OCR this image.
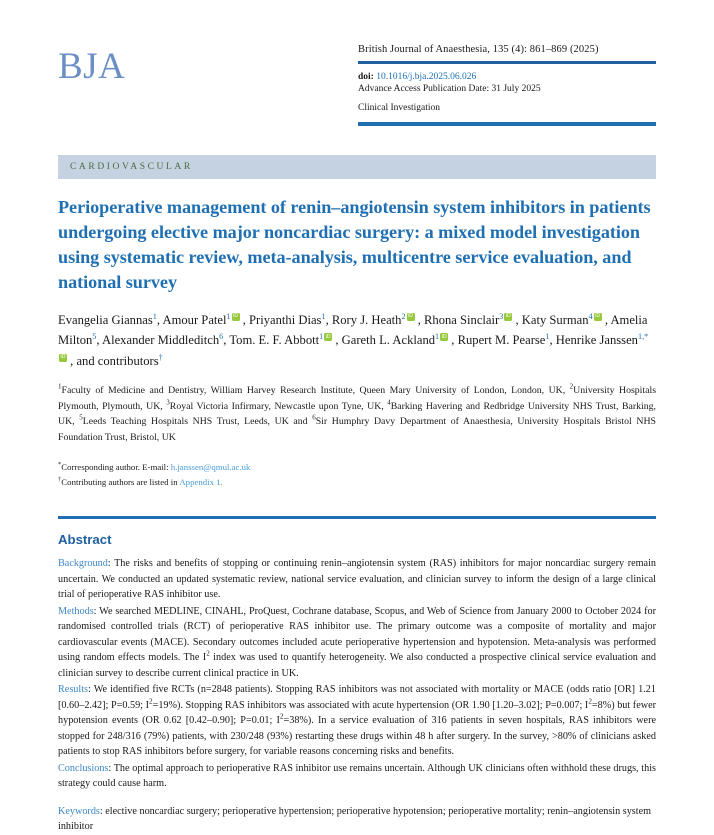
BJA	British Journal of Anaesthesia, 135 (4): 861–869 (2025)
doi: 10.1016/j.bja.2025.06.026
Advance Access Publication Date: 31 July 2025
Clinical Investigation
CARDIOVASCULAR
Perioperative management of renin–angiotensin system inhibitors in patients undergoing elective major noncardiac surgery: a mixed model investigation using systematic review, meta-analysis, multicentre service evaluation, and national survey
Evangelia Giannas$^1$, Amour Patel$^1$ iD , Priyanthi Dias$^1$, Rory J. Heath$^2$ iD , Rhona Sinclair$^3$ iD , Katy Surman$^4$ iD , Amelia Milton$^5$, Alexander Middleditch$^6$, Tom. E. F. Abbott$^1$ iD , Gareth L. Ackland$^1$ iD , Rupert M. Pearse$^1$, Henrike Janssen$^{1,*}$iD , and contributors†
$^1$Faculty of Medicine and Dentistry, William Harvey Research Institute, Queen Mary University of London, London, UK, $^2$University Hospitals Plymouth, Plymouth, UK, $^3$Royal Victoria Infirmary, Newcastle upon Tyne, UK, $^4$Barking Havering and Redbridge University NHS Trust, Barking, UK, $^5$Leeds Teaching Hospitals NHS Trust, Leeds, UK and $^6$Sir Humphry Davy Department of Anaesthesia, University Hospitals Bristol NHS Foundation Trust, Bristol, UK
*Corresponding author. E-mail: h.janssen@qmul.ac.uk
†Contributing authors are listed in Appendix 1.
Abstract

Background: The risks and benefits of stopping or continuing renin–angiotensin system (RAS) inhibitors for major noncardiac surgery remain uncertain. We conducted an updated systematic review, national service evaluation, and clinician survey to inform the design of a large clinical trial of perioperative RAS inhibitor use.

Methods: We searched MEDLINE, CINAHL, ProQuest, Cochrane database, Scopus, and Web of Science from January 2000 to October 2024 for randomised controlled trials (RCT) of perioperative RAS inhibitor use. The primary outcome was a composite of mortality and major cardiovascular events (MACE). Secondary outcomes included acute perioperative hypertension and hypotension. Meta-analysis was performed using random effects models. The $I^2$ index was used to quantify heterogeneity. We also conducted a prospective clinical service evaluation and clinician survey to describe current clinical practice in UK.

Results: We identified five RCTs (n=2848 patients). Stopping RAS inhibitors was not associated with mortality or MACE (odds ratio [OR] 1.21 [0.60–2.42]; P=0.59; $I^2=19\%$). Stopping RAS inhibitors was associated with acute hypertension (OR 1.90 [1.20–3.02]; P=0.007; $I^2=8\%$) but fewer hypotension events (OR 0.62 [0.42–0.90]; P=0.01; $I^2=38\%$). In a service evaluation of 316 patients in seven hospitals, RAS inhibitors were stopped for 248/316 (79%) patients, with 230/248 (93%) restarting these drugs within 48 h after surgery. In the survey, >80% of clinicians asked patients to stop RAS inhibitors before surgery, for variable reasons concerning risks and benefits.

Conclusions: The optimal approach to perioperative RAS inhibitor use remains uncertain. Although UK clinicians often withhold these drugs, this strategy could cause harm.

Keywords: elective noncardiac surgery; perioperative hypertension; perioperative hypotension; perioperative mortality; renin–angiotensin system inhibitor
